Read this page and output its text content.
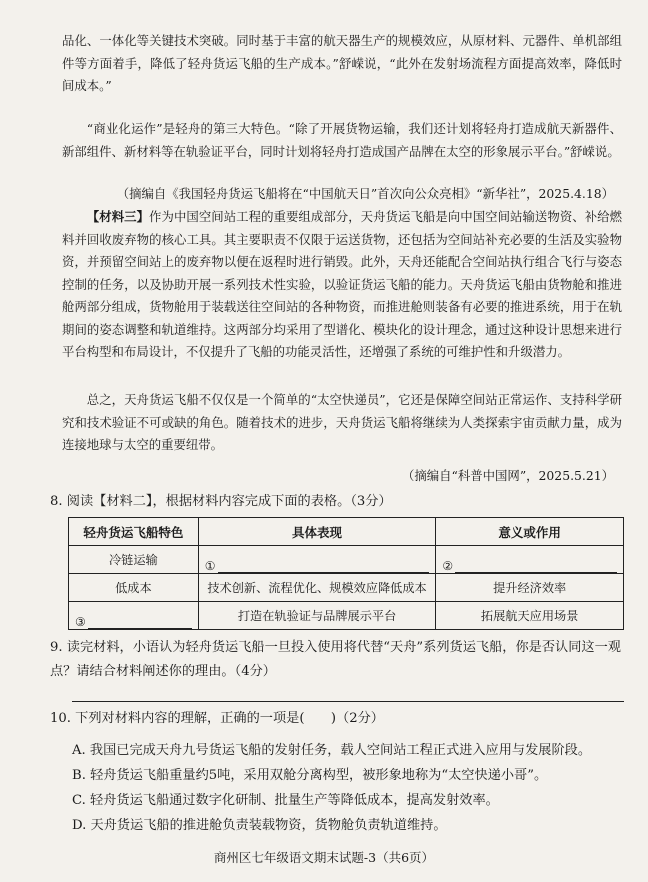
品化、一体化等关键技术突破。同时基于丰富的航天器生产的规模效应，从原材料、元器件、单机部组件等方面着手，降低了轻舟货运飞船的生产成本。”舒嵘说，“此外在发射场流程方面提高效率，降低时间成本。”

“商业化运作”是轻舟的第三大特色。“除了开展货物运输，我们还计划将轻舟打造成航天新器件、新部组件、新材料等在轨验证平台，同时计划将轻舟打造成国产品牌在太空的形象展示平台。”舒嵘说。

（摘编自《我国轻舟货运飞船将在“中国航天日”首次向公众亮相》“新华社”，2025.4.18）

【材料三】作为中国空间站工程的重要组成部分，天舟货运飞船是向中国空间站输送物资、补给燃料并回收废弃物的核心工具。其主要职责不仅限于运送货物，还包括为空间站补充必要的生活及实验物资，并预留空间站上的废弃物以便在返程时进行销毁。此外，天舟还能配合空间站执行组合飞行与姿态控制的任务，以及协助开展一系列技术性实验，以验证货运飞船的能力。天舟货运飞船由货物舱和推进舱两部分组成，货物舱用于装载送往空间站的各种物资，而推进舱则装备有必要的推进系统，用于在轨期间的姿态调整和轨道维持。这两部分均采用了型谱化、模块化的设计理念，通过这种设计思想来进行平台构型和布局设计，不仅提升了飞船的功能灵活性，还增强了系统的可维护性和升级潜力。

总之，天舟货运飞船不仅仅是一个简单的“太空快递员”，它还是保障空间站正常运作、支持科学研究和技术验证不可或缺的角色。随着技术的进步，天舟货运飞船将继续为人类探索宇宙贡献力量，成为连接地球与太空的重要纽带。

（摘编自“科普中国网”，2025.5.21）

8. 阅读【材料二】，根据材料内容完成下面的表格。（3分）

轻舟货运飞船特色	具体表现	意义或作用
冷链运输	①	②

低成本	技术创新、流程优化、规模效应降低成本	提升经济效率

③	打造在轨验证与品牌展示平台	拓展航天应用场景

9. 读完材料，小语认为轻舟货运飞船一旦投入使用将代替“天舟”系列货运飞船，你是否认同这一观点？请结合材料阐述你的理由。（4分）

10. 下列对材料内容的理解，正确的一项是(　　)（2分）

A. 我国已完成天舟九号货运飞船的发射任务，载人空间站工程正式进入应用与发展阶段。
B. 轻舟货运飞船重量约5吨，采用双舱分离构型，被形象地称为“太空快递小哥”。
C. 轻舟货运飞船通过数字化研制、批量生产等降低成本，提高发射效率。
D. 天舟货运飞船的推进舱负责装载物资，货物舱负责轨道维持。
商州区七年级语文期末试题-3（共6页）
